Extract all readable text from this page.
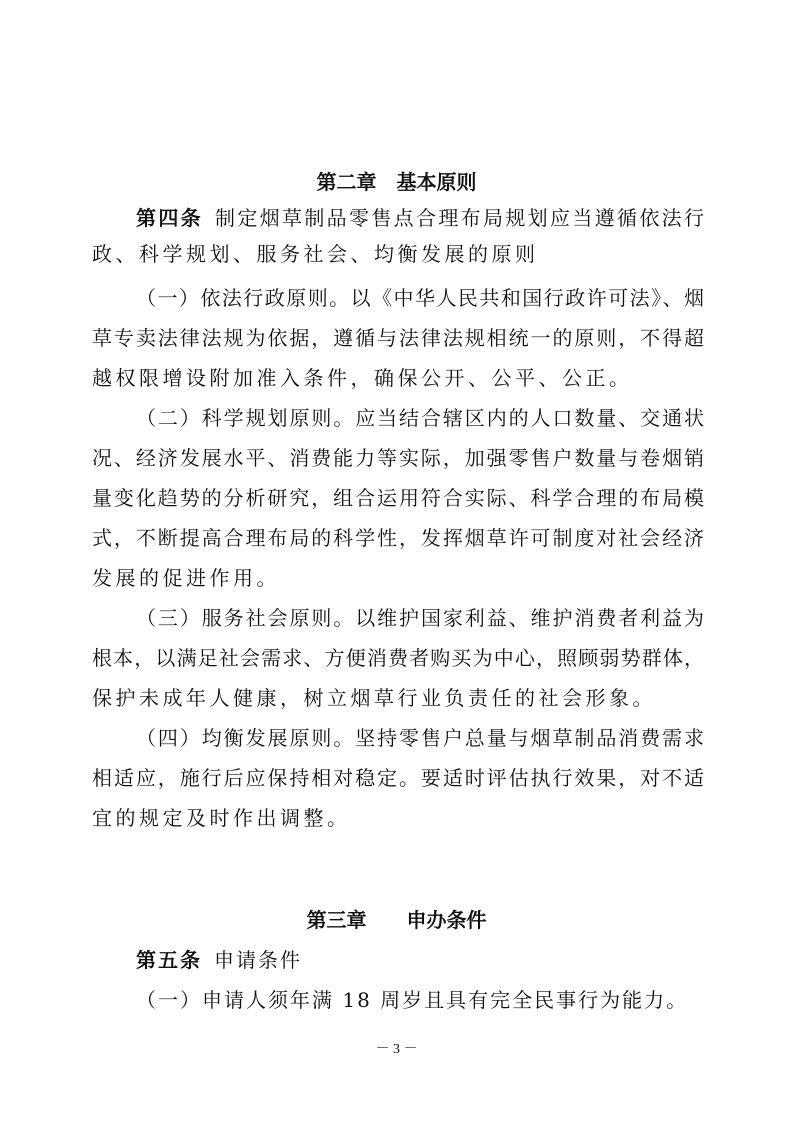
第二章　基本原则
第四条 制定烟草制品零售点合理布局规划应当遵循依法行
政、科学规划、服务社会、均衡发展的原则
（一）依法行政原则。以《中华人民共和国行政许可法》、烟
草专卖法律法规为依据，遵循与法律法规相统一的原则，不得超
越权限增设附加准入条件，确保公开、公平、公正。
（二）科学规划原则。应当结合辖区内的人口数量、交通状
况、经济发展水平、消费能力等实际，加强零售户数量与卷烟销
量变化趋势的分析研究，组合运用符合实际、科学合理的布局模
式，不断提高合理布局的科学性，发挥烟草许可制度对社会经济
发展的促进作用。
（三）服务社会原则。以维护国家利益、维护消费者利益为
根本，以满足社会需求、方便消费者购买为中心，照顾弱势群体，
保护未成年人健康，树立烟草行业负责任的社会形象。
（四）均衡发展原则。坚持零售户总量与烟草制品消费需求
相适应，施行后应保持相对稳定。要适时评估执行效果，对不适
宜的规定及时作出调整。
第三章　　申办条件
第五条 申请条件
（一）申请人须年满 18 周岁且具有完全民事行为能力。
－ 3 －
